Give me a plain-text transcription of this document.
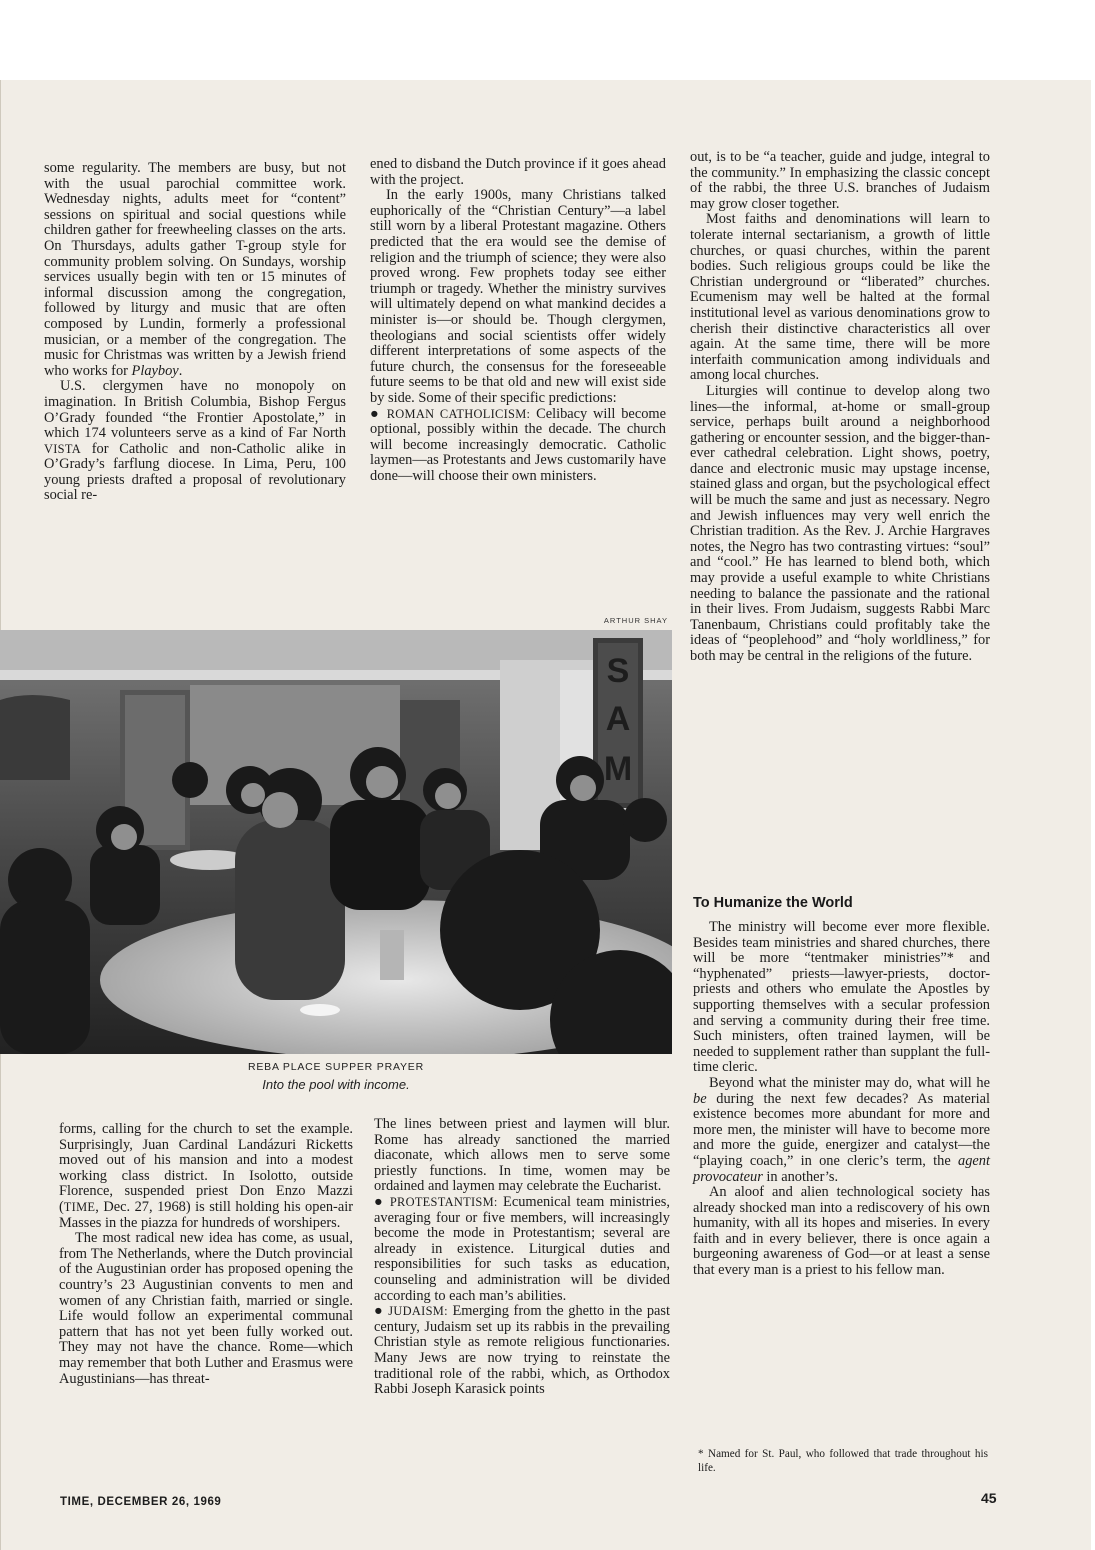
some regularity. The members are busy, but not with the usual parochial committee work. Wednesday nights, adults meet for “content” sessions on spiritual and social questions while children gather for freewheeling classes on the arts. On Thursdays, adults gather T-group style for community problem solving. On Sundays, worship services usually begin with ten or 15 minutes of informal discussion among the congregation, followed by liturgy and music that are often composed by Lundin, formerly a professional musician, or a member of the congregation. The music for Christmas was written by a Jewish friend who works for Playboy.

U.S. clergymen have no monopoly on imagination. In British Columbia, Bishop Fergus O’Grady founded “the Frontier Apostolate,” in which 174 volunteers serve as a kind of Far North VISTA for Catholic and non-Catholic alike in O’Grady’s farflung diocese. In Lima, Peru, 100 young priests drafted a proposal of revolutionary social re-

ened to disband the Dutch province if it goes ahead with the project.

In the early 1900s, many Christians talked euphorically of the “Christian Century”—a label still worn by a liberal Protestant magazine. Others predicted that the era would see the demise of religion and the triumph of science; they were also proved wrong. Few prophets today see either triumph or tragedy. Whether the ministry survives will ultimately depend on what mankind decides a minister is—or should be. Though clergymen, theologians and social scientists offer widely different interpretations of some aspects of the future church, the consensus for the foreseeable future seems to be that old and new will exist side by side. Some of their specific predictions:

● ROMAN CATHOLICISM: Celibacy will become optional, possibly within the decade. The church will become increasingly democratic. Catholic laymen—as Protestants and Jews customarily have done—will choose their own ministers.

ARTHUR SHAY
S
A
M
REBA PLACE SUPPER PRAYER
Into the pool with income.

forms, calling for the church to set the example. Surprisingly, Juan Cardinal Landázuri Ricketts moved out of his mansion and into a modest working class district. In Isolotto, outside Florence, suspended priest Don Enzo Mazzi (TIME, Dec. 27, 1968) is still holding his open-air Masses in the piazza for hundreds of worshipers.

The most radical new idea has come, as usual, from The Netherlands, where the Dutch provincial of the Augustinian order has proposed opening the country’s 23 Augustinian convents to men and women of any Christian faith, married or single. Life would follow an experimental communal pattern that has not yet been fully worked out. They may not have the chance. Rome—which may remember that both Luther and Erasmus were Augustinians—has threat-

The lines between priest and laymen will blur. Rome has already sanctioned the married diaconate, which allows men to serve some priestly functions. In time, women may be ordained and laymen may celebrate the Eucharist.

● PROTESTANTISM: Ecumenical team ministries, averaging four or five members, will increasingly become the mode in Protestantism; several are already in existence. Liturgical duties and responsibilities for such tasks as education, counseling and administration will be divided according to each man’s abilities.

● JUDAISM: Emerging from the ghetto in the past century, Judaism set up its rabbis in the prevailing Christian style as remote religious functionaries. Many Jews are now trying to reinstate the traditional role of the rabbi, which, as Orthodox Rabbi Joseph Karasick points

out, is to be “a teacher, guide and judge, integral to the community.” In emphasizing the classic concept of the rabbi, the three U.S. branches of Judaism may grow closer together.

Most faiths and denominations will learn to tolerate internal sectarianism, a growth of little churches, or quasi churches, within the parent bodies. Such religious groups could be like the Christian underground or “liberated” churches. Ecumenism may well be halted at the formal institutional level as various denominations grow to cherish their distinctive characteristics all over again. At the same time, there will be more interfaith communication among individuals and among local churches.

Liturgies will continue to develop along two lines—the informal, at-home or small-group service, perhaps built around a neighborhood gathering or encounter session, and the bigger-than-ever cathedral celebration. Light shows, poetry, dance and electronic music may upstage incense, stained glass and organ, but the psychological effect will be much the same and just as necessary. Negro and Jewish influences may very well enrich the Christian tradition. As the Rev. J. Archie Hargraves notes, the Negro has two contrasting virtues: “soul” and “cool.” He has learned to blend both, which may provide a useful example to white Christians needing to balance the passionate and the rational in their lives. From Judaism, suggests Rabbi Marc Tanenbaum, Christians could profitably take the ideas of “peoplehood” and “holy worldliness,” for both may be central in the religions of the future.

To Humanize the World

The ministry will become ever more flexible. Besides team ministries and shared churches, there will be more “tentmaker ministries”* and “hyphenated” priests—lawyer-priests, doctor-priests and others who emulate the Apostles by supporting themselves with a secular profession and serving a community during their free time. Such ministers, often trained laymen, will be needed to supplement rather than supplant the full-time cleric.

Beyond what the minister may do, what will he be during the next few decades? As material existence becomes more abundant for more and more men, the minister will have to become more and more the guide, energizer and catalyst—the “playing coach,” in one cleric’s term, the agent provocateur in another’s.

An aloof and alien technological society has already shocked man into a rediscovery of his own humanity, with all its hopes and miseries. In every faith and in every believer, there is once again a burgeoning awareness of God—or at least a sense that every man is a priest to his fellow man.

* Named for St. Paul, who followed that trade throughout his life.
TIME, DECEMBER 26, 1969	45
